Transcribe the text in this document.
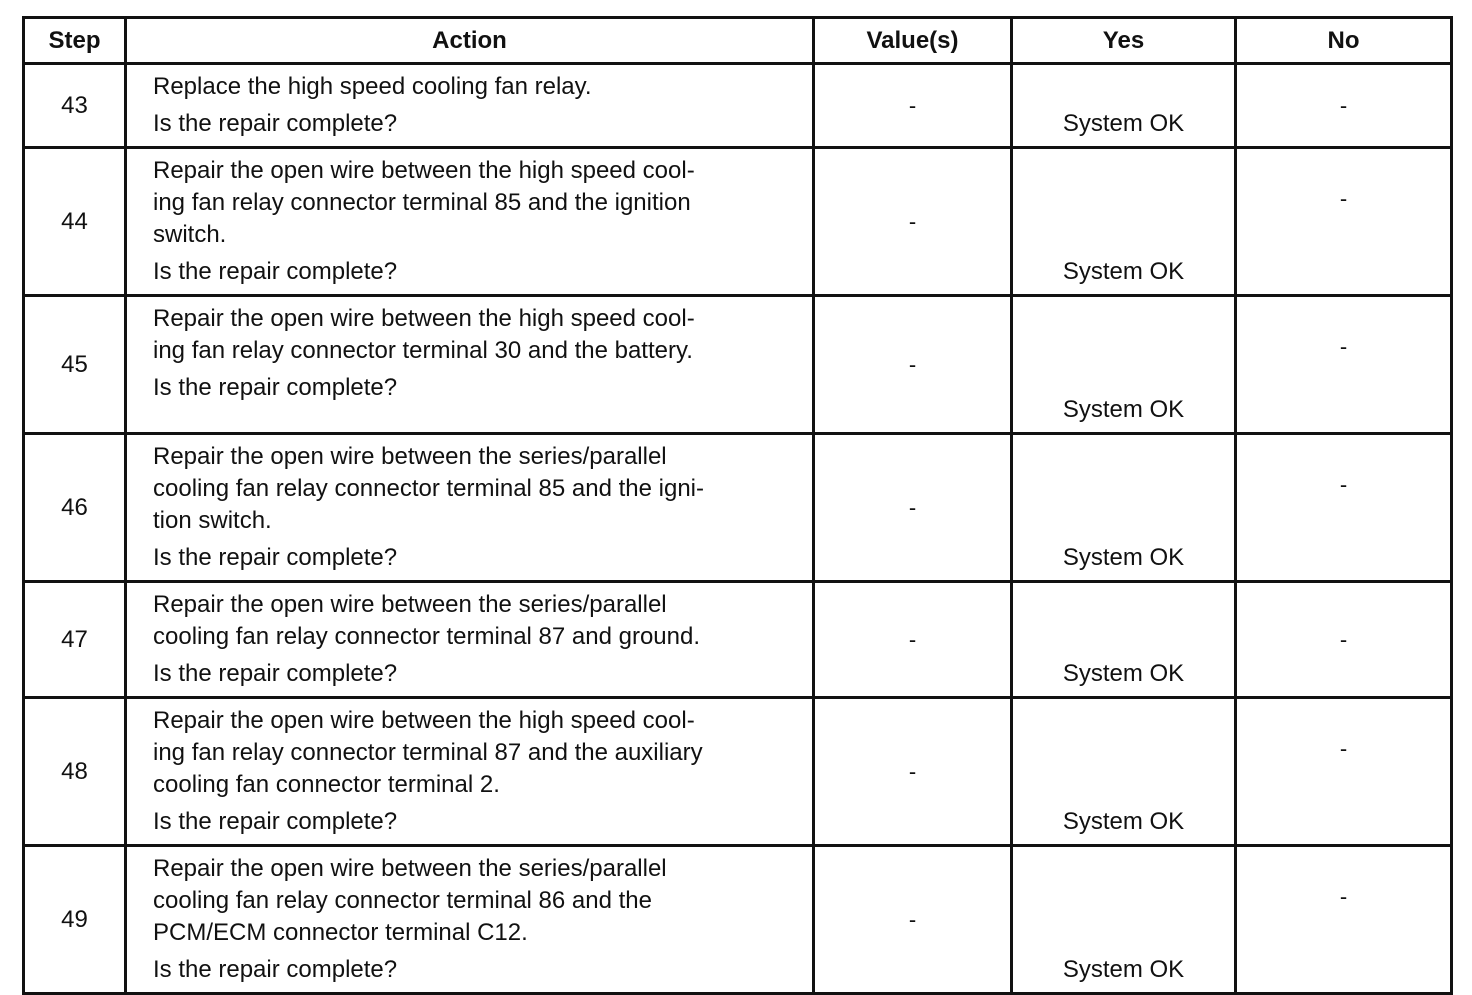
Step	Action	Value(s)	Yes	No
43	Replace the high speed cooling fan relay.
Is the repair complete?	-	System OK	-
44	Repair the open wire between the high speed cool-
ing fan relay connector terminal 85 and the ignition
switch.
Is the repair complete?	-	System OK	-
45	Repair the open wire between the high speed cool-
ing fan relay connector terminal 30 and the battery.
Is the repair complete?	-	System OK	-
46	Repair the open wire between the series/parallel
cooling fan relay connector terminal 85 and the igni-
tion switch.
Is the repair complete?	-	System OK	-
47	Repair the open wire between the series/parallel
cooling fan relay connector terminal 87 and ground.
Is the repair complete?	-	System OK	-
48	Repair the open wire between the high speed cool-
ing fan relay connector terminal 87 and the auxiliary
cooling fan connector terminal 2.
Is the repair complete?	-	System OK	-
49	Repair the open wire between the series/parallel
cooling fan relay connector terminal 86 and the
PCM/ECM connector terminal C12.
Is the repair complete?	-	System OK	-
